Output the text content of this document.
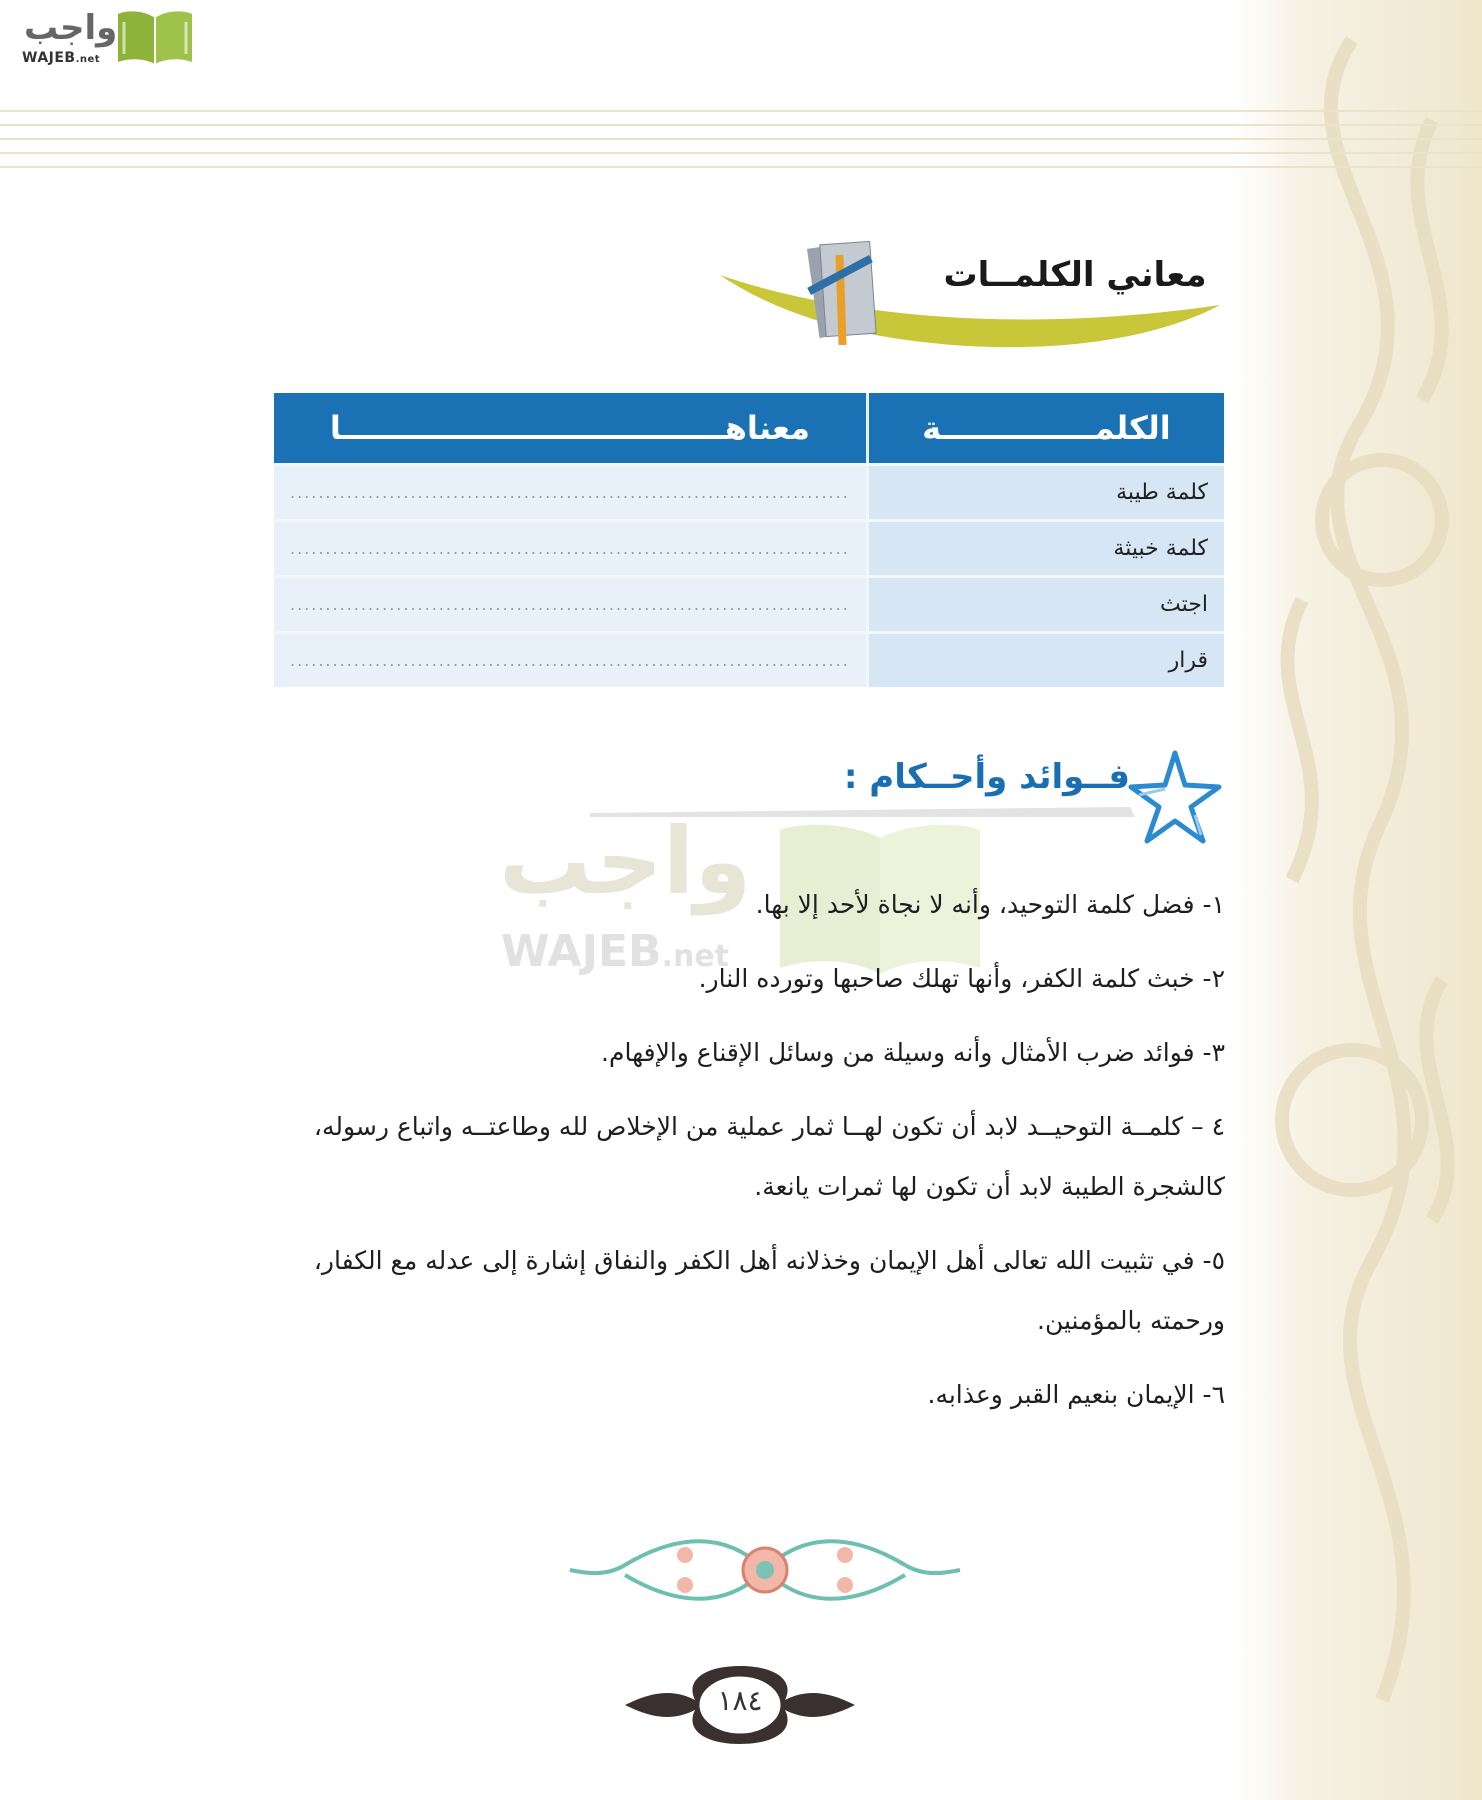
واجب
WAJEB.net
معاني الكلمــات
الكلمــــــــــــــة	معناهـــــــــــــــــــــــــــــــــــا
كلمة طيبة	...............................................................................
كلمة خبيثة	...............................................................................
اجتث	...............................................................................
قرار	...............................................................................
فــوائد وأحــكام :
واجب
WAJEB.net
١- فضل كلمة التوحيد، وأنه لا نجاة لأحد إلا بها.
٢- خبث كلمة الكفر، وأنها تهلك صاحبها وتورده النار.
٣- فوائد ضرب الأمثال وأنه وسيلة من وسائل الإقناع والإفهام.
٤ – كلمــة التوحيــد لابد أن تكون لهــا ثمار عملية من الإخلاص لله وطاعتــه واتباع رسوله، كالشجرة الطيبة لابد أن تكون لها ثمرات يانعة.
٥- في تثبيت الله تعالى أهل الإيمان وخذلانه أهل الكفر والنفاق إشارة إلى عدله مع الكفار، ورحمته بالمؤمنين.
٦- الإيمان بنعيم القبر وعذابه.
١٨٤
